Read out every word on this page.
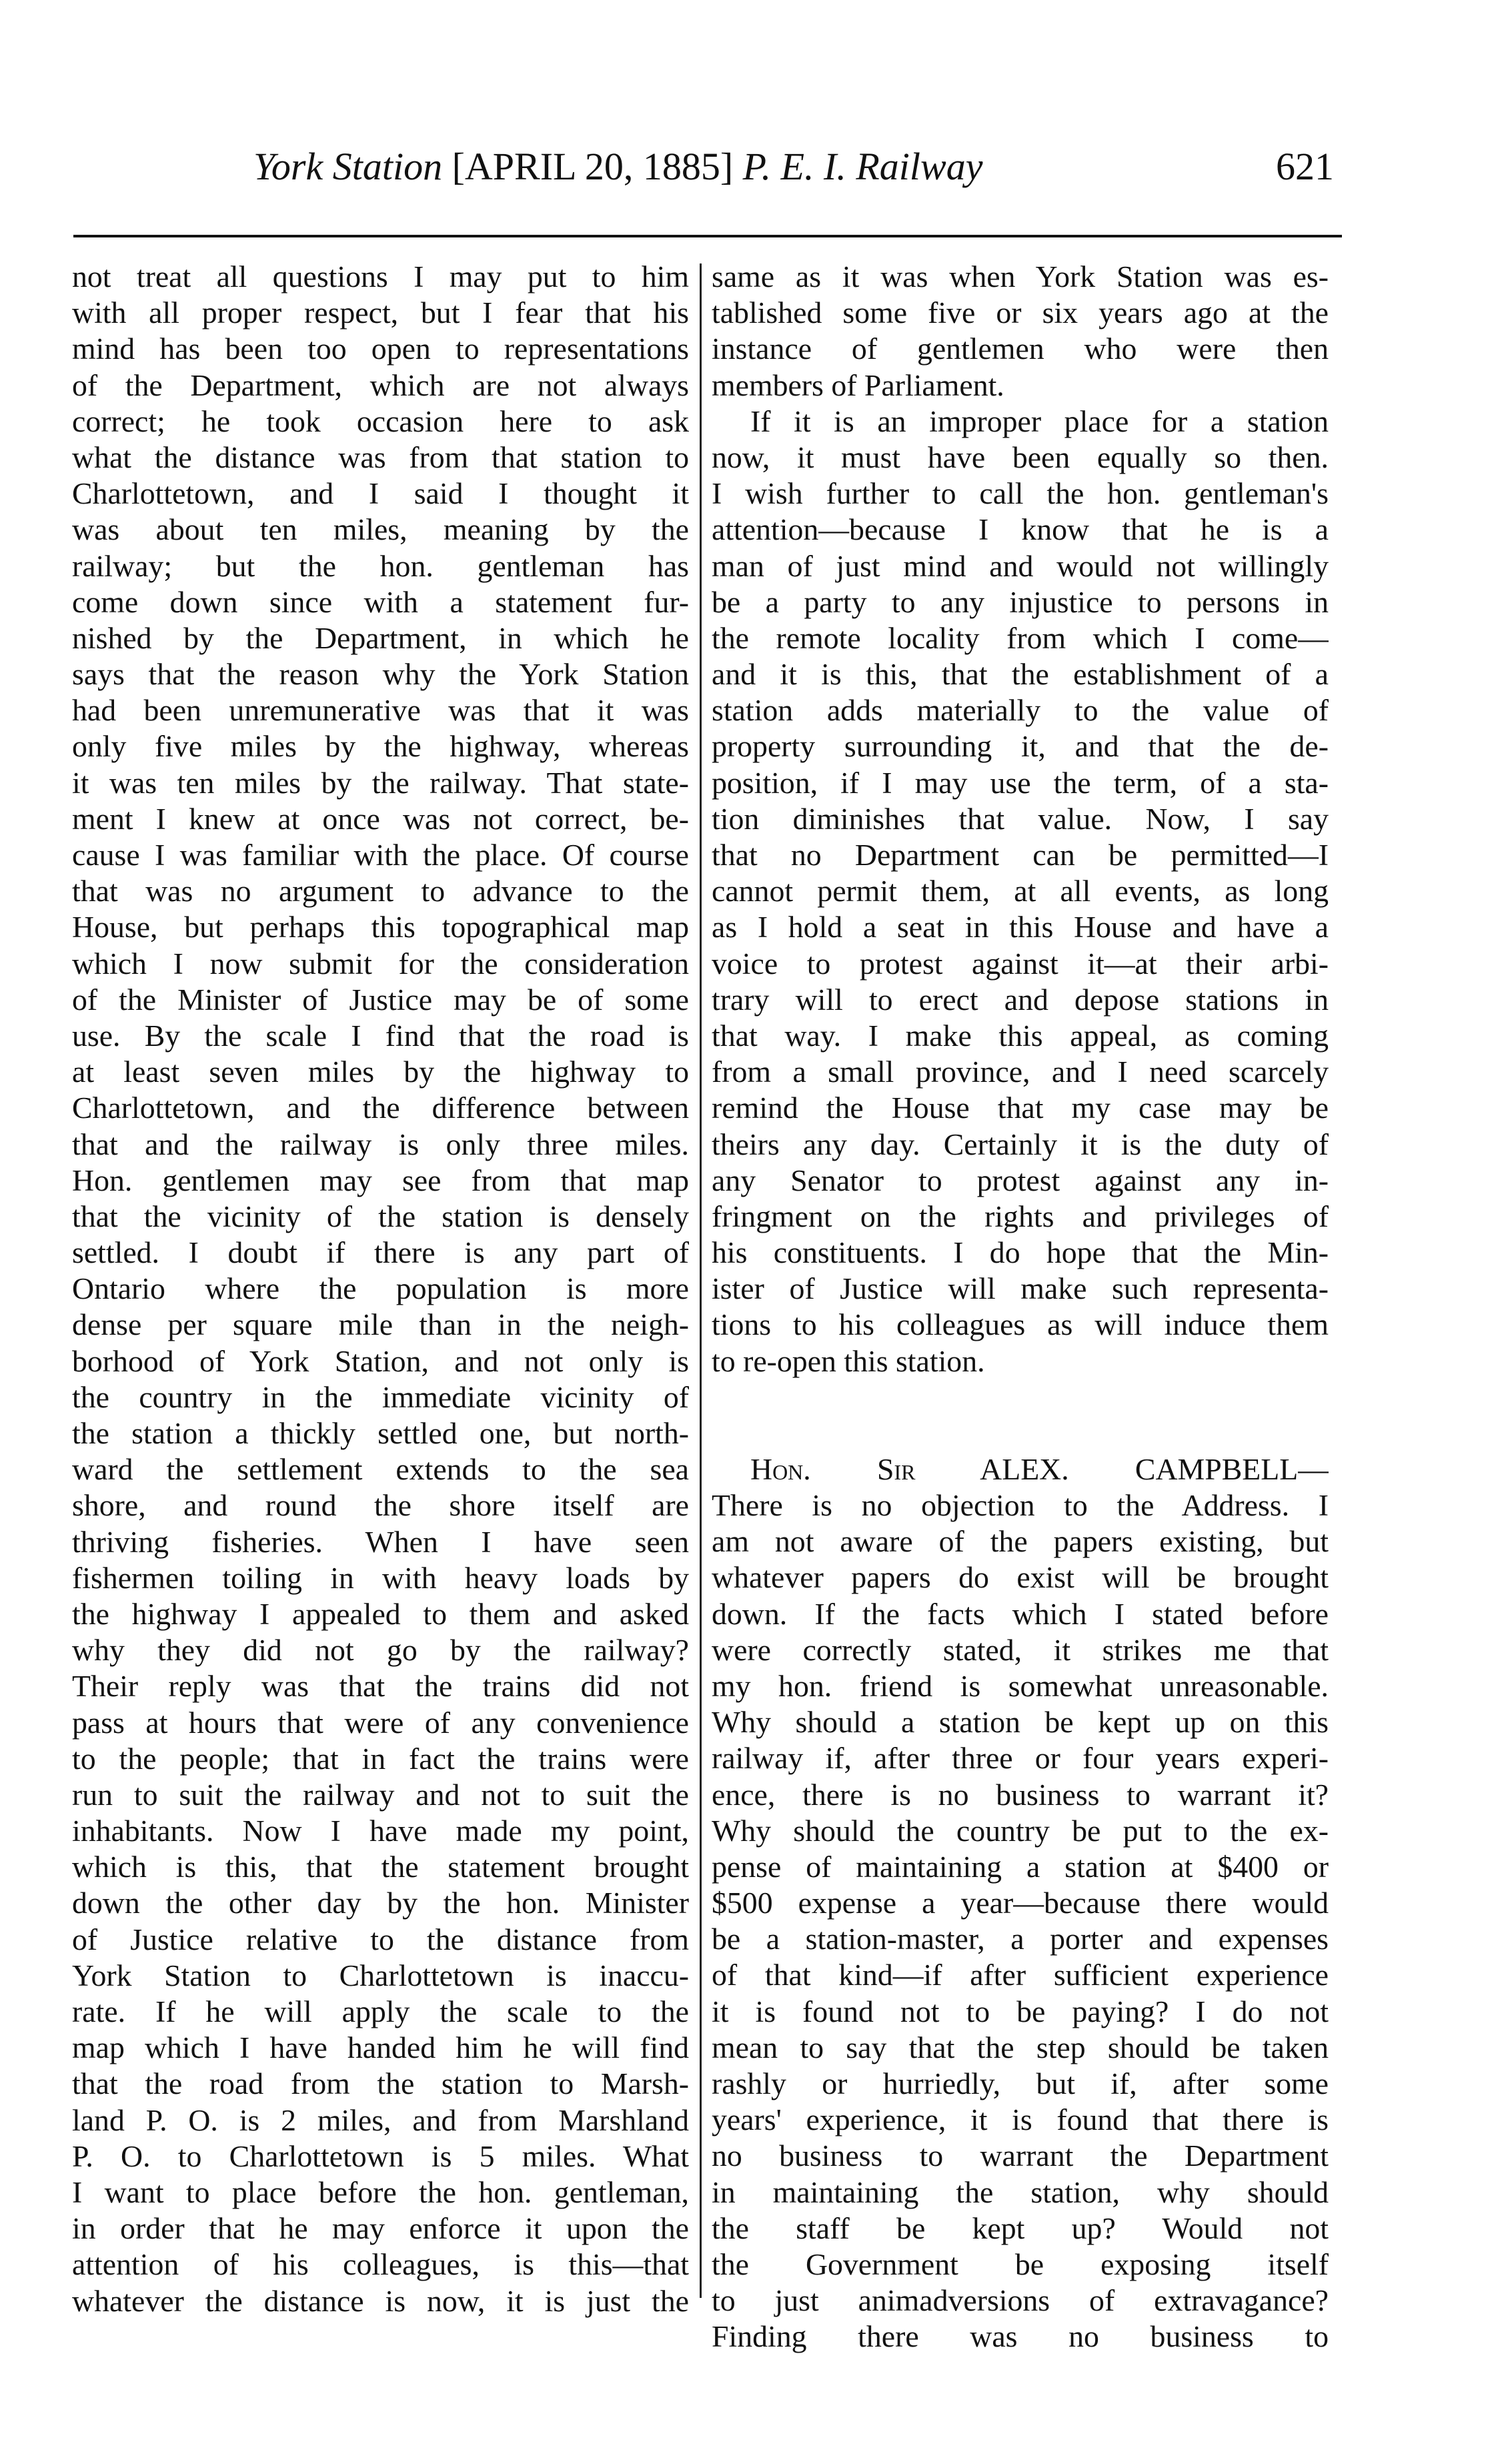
York Station [APRIL 20, 1885] P. E. I. Railway	621
not treat all questions I may put to him
with all proper respect, but I fear that his
mind has been too open to representations
of the Department, which are not always
correct; he took occasion here to ask
what the distance was from that station to
Charlottetown, and I said I thought it
was about ten miles, meaning by the
railway; but the hon. gentleman has
come down since with a statement fur-
nished by the Department, in which he
says that the reason why the York Station
had been unremunerative was that it was
only five miles by the highway, whereas
it was ten miles by the railway. That state-
ment I knew at once was not correct, be-
cause I was familiar with the place. Of course
that was no argument to advance to the
House, but perhaps this topographical map
which I now submit for the consideration
of the Minister of Justice may be of some
use. By the scale I find that the road is
at least seven miles by the highway to
Charlottetown, and the difference between
that and the railway is only three miles.
Hon. gentlemen may see from that map
that the vicinity of the station is densely
settled. I doubt if there is any part of
Ontario where the population is more
dense per square mile than in the neigh-
borhood of York Station, and not only is
the country in the immediate vicinity of
the station a thickly settled one, but north-
ward the settlement extends to the sea
shore, and round the shore itself are
thriving fisheries. When I have seen
fishermen toiling in with heavy loads by
the highway I appealed to them and asked
why they did not go by the railway?
Their reply was that the trains did not
pass at hours that were of any convenience
to the people; that in fact the trains were
run to suit the railway and not to suit the
inhabitants. Now I have made my point,
which is this, that the statement brought
down the other day by the hon. Minister
of Justice relative to the distance from
York Station to Charlottetown is inaccu-
rate. If he will apply the scale to the
map which I have handed him he will find
that the road from the station to Marsh-
land P. O. is 2 miles, and from Marshland
P. O. to Charlottetown is 5 miles. What
I want to place before the hon. gentleman,
in order that he may enforce it upon the
attention of his colleagues, is this—that
whatever the distance is now, it is just the
same as it was when York Station was es-
tablished some five or six years ago at the
instance of gentlemen who were then
members of Parliament.
If it is an improper place for a station
now, it must have been equally so then.
I wish further to call the hon. gentleman's
attention—because I know that he is a
man of just mind and would not willingly
be a party to any injustice to persons in
the remote locality from which I come—
and it is this, that the establishment of a
station adds materially to the value of
property surrounding it, and that the de-
position, if I may use the term, of a sta-
tion diminishes that value. Now, I say
that no Department can be permitted—I
cannot permit them, at all events, as long
as I hold a seat in this House and have a
voice to protest against it—at their arbi-
trary will to erect and depose stations in
that way. I make this appeal, as coming
from a small province, and I need scarcely
remind the House that my case may be
theirs any day. Certainly it is the duty of
any Senator to protest against any in-
fringment on the rights and privileges of
his constituents. I do hope that the Min-
ister of Justice will make such representa-
tions to his colleagues as will induce them
to re-open this station.
Hon. Sir ALEX. CAMPBELL—
There is no objection to the Address. I
am not aware of the papers existing, but
whatever papers do exist will be brought
down. If the facts which I stated before
were correctly stated, it strikes me that
my hon. friend is somewhat unreasonable.
Why should a station be kept up on this
railway if, after three or four years experi-
ence, there is no business to warrant it?
Why should the country be put to the ex-
pense of maintaining a station at $400 or
$500 expense a year—because there would
be a station-master, a porter and expenses
of that kind—if after sufficient experience
it is found not to be paying? I do not
mean to say that the step should be taken
rashly or hurriedly, but if, after some
years' experience, it is found that there is
no business to warrant the Department
in maintaining the station, why should
the staff be kept up? Would not
the Government be exposing itself
to just animadversions of extravagance?
Finding there was no business to
